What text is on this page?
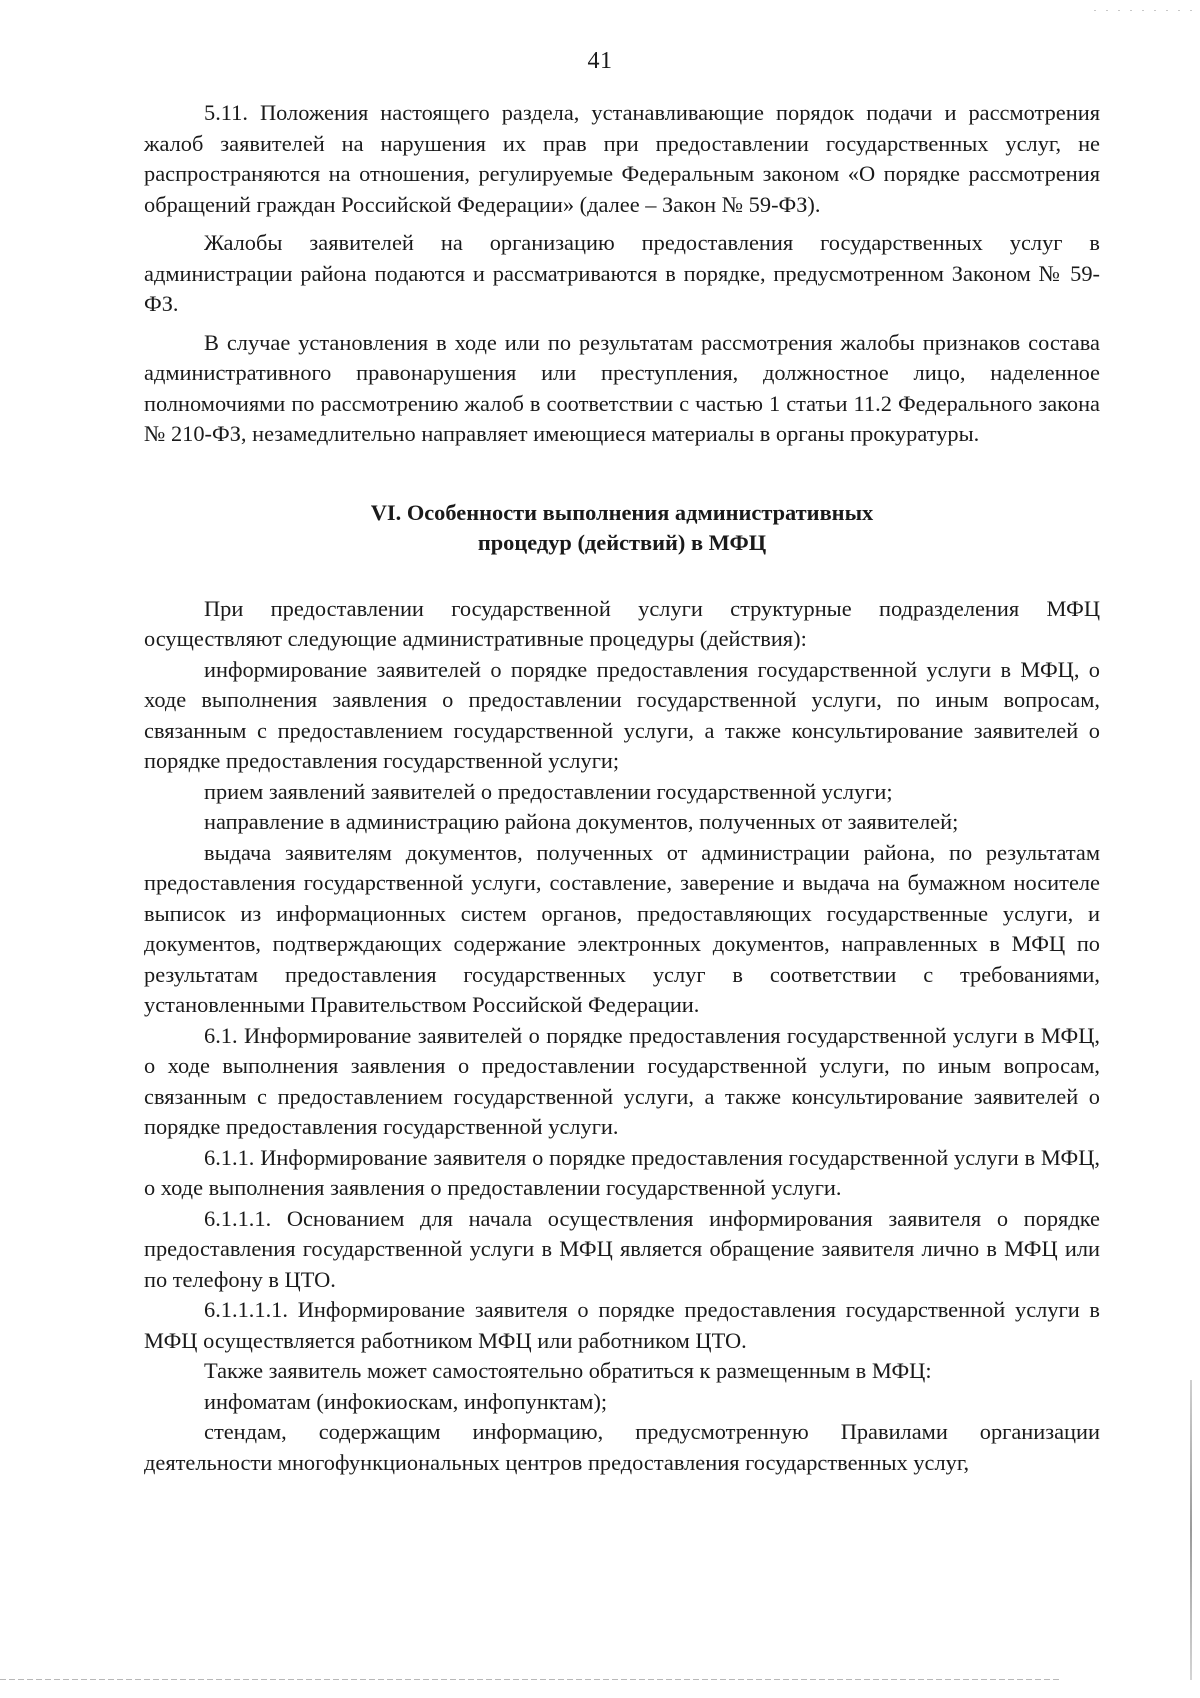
41

5.11. Положения настоящего раздела, устанавливающие порядок подачи и рассмотрения жалоб заявителей на нарушения их прав при предоставлении государственных услуг, не распространяются на отношения, регулируемые Федеральным законом «О порядке рассмотрения обращений граждан Российской Федерации» (далее – Закон № 59-ФЗ).

Жалобы заявителей на организацию предоставления государственных услуг в администрации района подаются и рассматриваются в порядке, предусмотренном Законом № 59-ФЗ.

В случае установления в ходе или по результатам рассмотрения жалобы признаков состава административного правонарушения или преступления, должностное лицо, наделенное полномочиями по рассмотрению жалоб в соответствии с частью 1 статьи 11.2 Федерального закона № 210-ФЗ, незамедлительно направляет имеющиеся материалы в органы прокуратуры.

VI. Особенности выполнения административных
процедур (действий) в МФЦ

При предоставлении государственной услуги структурные подразделения МФЦ осуществляют следующие административные процедуры (действия):

информирование заявителей о порядке предоставления государственной услуги в МФЦ, о ходе выполнения заявления о предоставлении государственной услуги, по иным вопросам, связанным с предоставлением государственной услуги, а также консультирование заявителей о порядке предоставления государственной услуги;

прием заявлений заявителей о предоставлении государственной услуги;

направление в администрацию района документов, полученных от заявителей;

выдача заявителям документов, полученных от администрации района, по результатам предоставления государственной услуги, составление, заверение и выдача на бумажном носителе выписок из информационных систем органов, предоставляющих государственные услуги, и документов, подтверждающих содержание электронных документов, направленных в МФЦ по результатам предоставления государственных услуг в соответствии с требованиями, установленными Правительством Российской Федерации.

6.1. Информирование заявителей о порядке предоставления государственной услуги в МФЦ, о ходе выполнения заявления о предоставлении государственной услуги, по иным вопросам, связанным с предоставлением государственной услуги, а также консультирование заявителей о порядке предоставления государственной услуги.

6.1.1. Информирование заявителя о порядке предоставления государственной услуги в МФЦ, о ходе выполнения заявления о предоставлении государственной услуги.

6.1.1.1. Основанием для начала осуществления информирования заявителя о порядке предоставления государственной услуги в МФЦ является обращение заявителя лично в МФЦ или по телефону в ЦТО.

6.1.1.1.1. Информирование заявителя о порядке предоставления государственной услуги в МФЦ осуществляется работником МФЦ или работником ЦТО.

Также заявитель может самостоятельно обратиться к размещенным в МФЦ:

инфоматам (инфокиоскам, инфопунктам);

стендам, содержащим информацию, предусмотренную Правилами организации деятельности многофункциональных центров предоставления государственных услуг,
